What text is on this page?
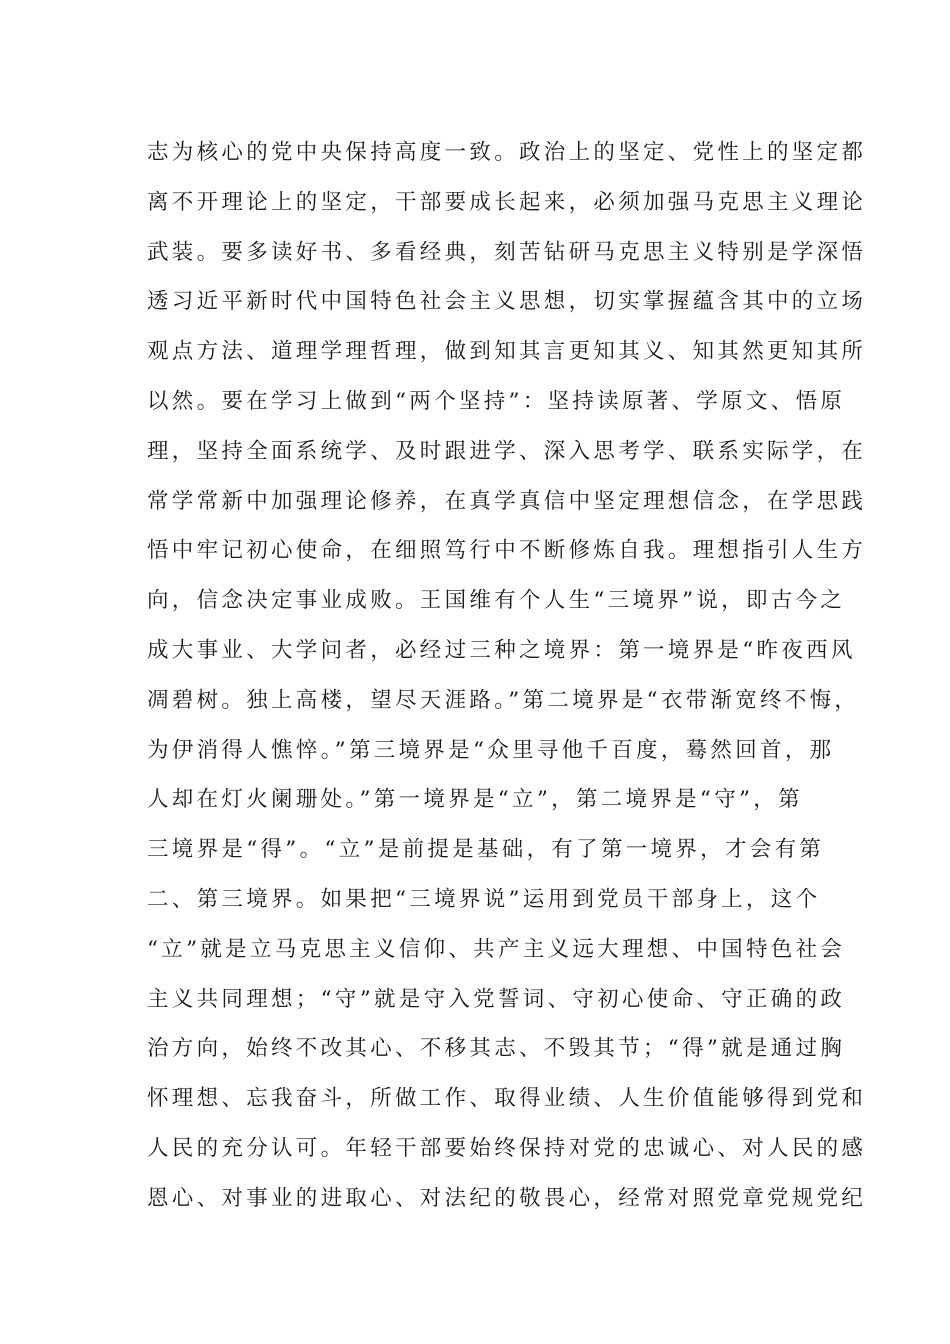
志为核心的党中央保持高度一致。政治上的坚定、党性上的坚定都
离不开理论上的坚定，干部要成长起来，必须加强马克思主义理论
武装。要多读好书、多看经典，刻苦钻研马克思主义特别是学深悟
透习近平新时代中国特色社会主义思想，切实掌握蕴含其中的立场
观点方法、道理学理哲理，做到知其言更知其义、知其然更知其所
以然。要在学习上做到“两个坚持”：坚持读原著、学原文、悟原
理，坚持全面系统学、及时跟进学、深入思考学、联系实际学，在
常学常新中加强理论修养，在真学真信中坚定理想信念，在学思践
悟中牢记初心使命，在细照笃行中不断修炼自我。理想指引人生方
向，信念决定事业成败。王国维有个人生“三境界”说，即古今之
成大事业、大学问者，必经过三种之境界：第一境界是“昨夜西风
凋碧树。独上高楼，望尽天涯路。”第二境界是“衣带渐宽终不悔，
为伊消得人憔悴。”第三境界是“众里寻他千百度，蓦然回首，那
人却在灯火阑珊处。”第一境界是“立”，第二境界是“守”，第
三境界是“得”。“立”是前提是基础，有了第一境界，才会有第
二、第三境界。如果把“三境界说”运用到党员干部身上，这个
“立”就是立马克思主义信仰、共产主义远大理想、中国特色社会
主义共同理想；“守”就是守入党誓词、守初心使命、守正确的政
治方向，始终不改其心、不移其志、不毁其节；“得”就是通过胸
怀理想、忘我奋斗，所做工作、取得业绩、人生价值能够得到党和
人民的充分认可。年轻干部要始终保持对党的忠诚心、对人民的感
恩心、对事业的进取心、对法纪的敬畏心，经常对照党章党规党纪
